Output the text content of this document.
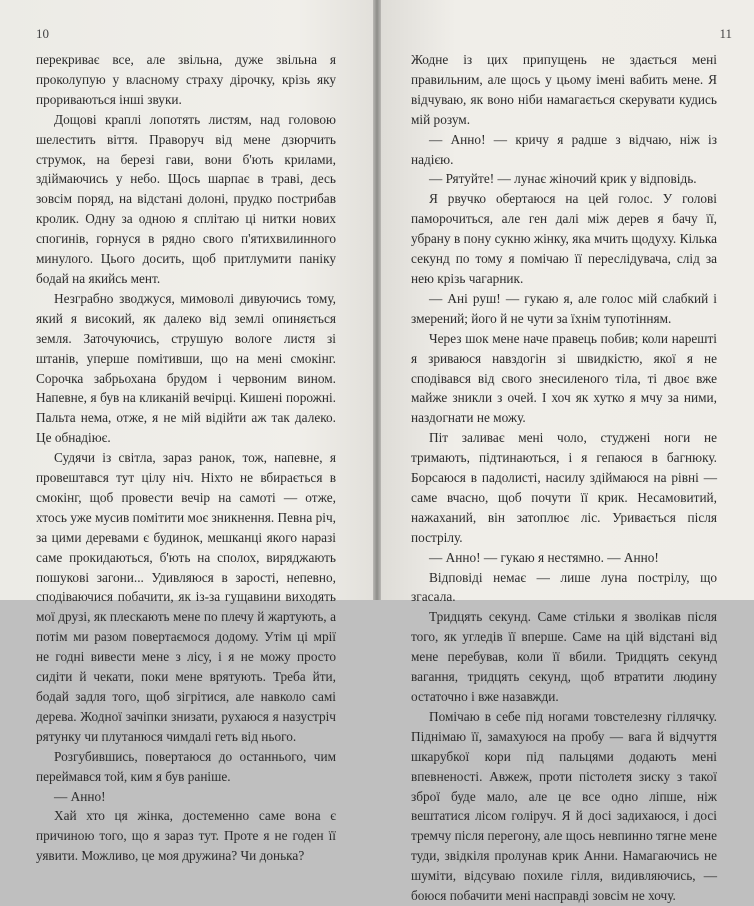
10

перекриває все, але звільна, дуже звільна я проколупую у власному страху дірочку, крізь яку прориваються інші звуки.

Дощові краплі лопотять листям, над головою шелестить віття. Праворуч від мене дзюрчить струмок, на березі гави, вони б'ють крилами, здіймаючись у небо. Щось шарпає в траві, десь зовсім поряд, на відстані долоні, прудко пострибав кролик. Одну за одною я сплітаю ці нитки нових спогинів, горнуся в рядно свого п'ятихвилинного минулого. Цього досить, щоб притлумити паніку бодай на якийсь мент.

Незграбно зводжуся, мимоволі дивуючись тому, який я високий, як далеко від землі опиняється земля. Заточуючись, струшую вологе листя зі штанів, уперше помітивши, що на мені смокінг. Сорочка забрьохана брудом і червоним вином. Напевне, я був на кликаній вечірці. Кишені порожні. Пальта нема, отже, я не мій відійти аж так далеко. Це обнадіює.

Судячи із світла, зараз ранок, тож, напевне, я провештався тут цілу ніч. Ніхто не вбирається в смокінг, щоб провести вечір на самоті — отже, хтось уже мусив помітити моє зникнення. Певна річ, за цими деревами є будинок, мешканці якого наразі саме прокидаються, б'ють на сполох, виряджають пошукові загони... Удивляюся в зарості, непевно, сподіваючися побачити, як із-за гущавини виходять мої друзі, як плескають мене по плечу й жартують, а потім ми разом повертаємося додому. Утім ці мрії не годні вивести мене з лісу, і я не можу просто сидіти й чекати, поки мене врятують. Треба йти, бодай задля того, щоб зігрітися, але навколо самі дерева. Жодної зачіпки знизати, рухаюся я назустріч рятунку чи плутанюся чимдалі геть від нього.

Розгубившись, повертаюся до останнього, чим переймався той, ким я був раніше.

— Анно!

Хай хто ця жінка, достеменно саме вона є причиною того, що я зараз тут. Проте я не годен її уявити. Можливо, це моя дружина? Чи донька?

11

Жодне із цих припущень не здається мені правильним, але щось у цьому імені вабить мене. Я відчуваю, як воно ніби намагається скерувати кудись мій розум.

— Анно! — кричу я радше з відчаю, ніж із надією.

— Рятуйте! — лунає жіночий крик у відповідь.

Я рвучко обертаюся на цей голос. У голові паморочиться, але ген далі між дерев я бачу її, убрану в пону сукню жінку, яка мчить щодуху. Кілька секунд по тому я помічаю її переслідувача, слід за нею крізь чагарник.

— Ані руш! — гукаю я, але голос мій слабкий і змерений; його й не чути за їхнім тупотінням.

Через шок мене наче правець побив; коли нарешті я зриваюся навздогін зі швидкістю, якої я не сподівався від свого знесиленого тіла, ті двоє вже майже зникли з очей. І хоч як хутко я мчу за ними, наздогнати не можу.

Піт заливає мені чоло, студжені ноги не тримають, підтинаються, і я гепаюся в багнюку. Борсаюся в падолисті, насилу здіймаюся на рівні — саме вчасно, щоб почути її крик. Несамовитий, нажаханий, він затоплює ліс. Уривається після пострілу.

— Анно! — гукаю я нестямно. — Анно!

Відповіді немає — лише лунa пострілу, що згасала.

Тридцять секунд. Саме стільки я зволікав після того, як угледів її вперше. Саме на цій відстані від мене перебував, коли її вбили. Тридцять секунд вагання, тридцять секунд, щоб втратити людину остаточно і вже назавжди.

Помічаю в себе під ногами товстелезну гіллячку. Піднімаю її, замахуюся на пробу — вага й відчуття шкарубкої кори під пальцями додають мені впевненості. Авжеж, проти пістолетя зиску з такої зброї буде мало, але це все одно ліпше, ніж вештатися лісом голіруч. Я й досі задихаюся, і досі тремчу після перегону, але щось невпинно тягне мене туди, звідкіля пролунав крик Анни. Намагаючись не шуміти, відсуваю похиле гілля, видивляючись, — боюся побачити мені насправді зовсім не хочу.
